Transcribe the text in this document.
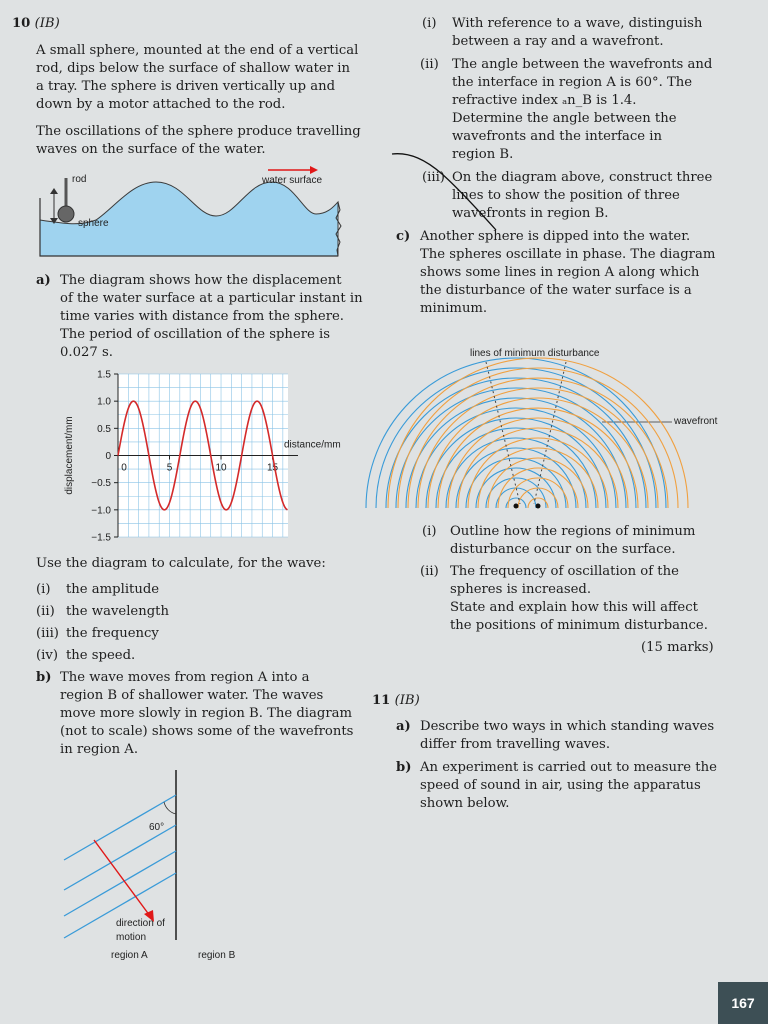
10 (IB)
A small sphere, mounted at the end of a vertical
rod, dips below the surface of shallow water in
a tray. The sphere is driven vertically up and
down by a motor attached to the rod.
The oscillations of the sphere produce travelling
waves on the surface of the water.
rod
sphere
water surface
a) The diagram shows how the displacement
of the water surface at a particular instant in
time varies with distance from the sphere.
The period of oscillation of the sphere is
0.027 s.
1.5
1.0
0.5
0
−0.5
−1.0
−1.5
0	5	10	15
distance/mm
displacement/mm
Use the diagram to calculate, for the wave:
(i) the amplitude
(ii) the wavelength
(iii) the frequency
(iv) the speed.
b) The wave moves from region A into a
region B of shallower water. The waves
move more slowly in region B. The diagram
(not to scale) shows some of the wavefronts
in region A.
60°
direction of
motion
region A	region B
(i) With reference to a wave, distinguish
between a ray and a wavefront.
(ii) The angle between the wavefronts and
the interface in region A is 60°. The
refractive index ₐn_B is 1.4.
Determine the angle between the
wavefronts and the interface in
region B.
(iii) On the diagram above, construct three
lines to show the position of three
wavefronts in region B.
c) Another sphere is dipped into the water.
The spheres oscillate in phase. The diagram
shows some lines in region A along which
the disturbance of the water surface is a
minimum.
lines of minimum disturbance
wavefront
(i) Outline how the regions of minimum
disturbance occur on the surface.
(ii) The frequency of oscillation of the
spheres is increased.
State and explain how this will affect
the positions of minimum disturbance.
(15 marks)
11 (IB)
a) Describe two ways in which standing waves
differ from travelling waves.
b) An experiment is carried out to measure the
speed of sound in air, using the apparatus
shown below.
167
